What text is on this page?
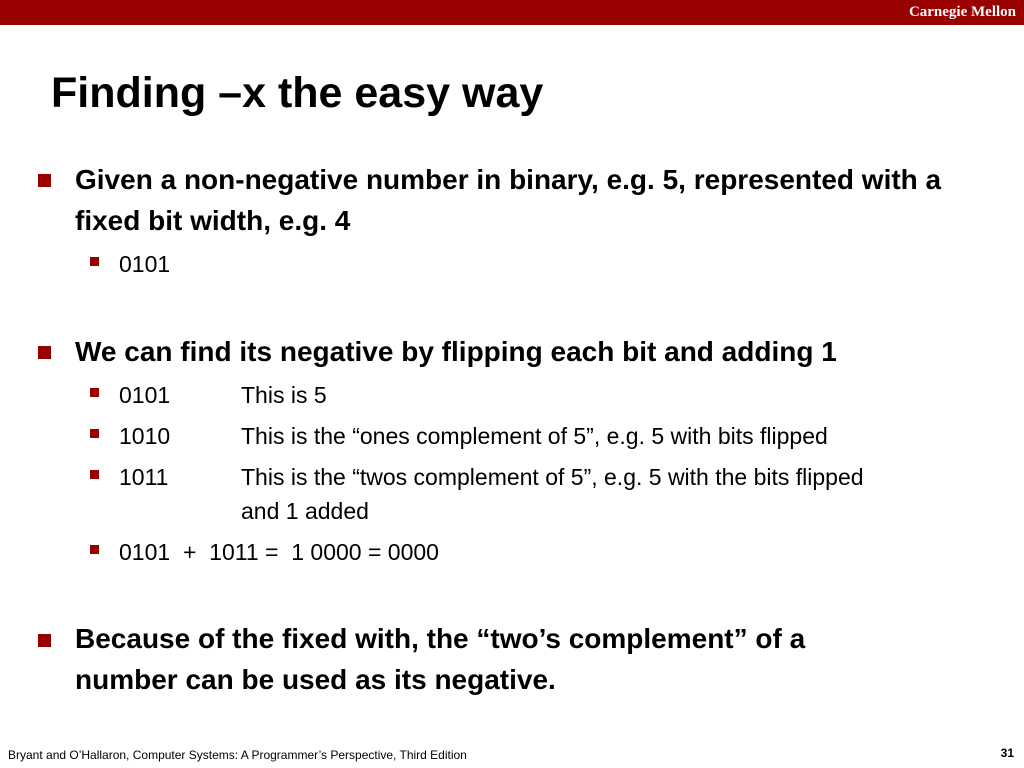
Carnegie Mellon
Finding –x the easy way
Given a non-negative number in binary, e.g. 5, represented with a fixed bit width, e.g. 4
0101
We can find its negative by flipping each bit and adding 1
0101	This is 5
1010	This is the “ones complement of 5”, e.g. 5 with bits flipped
1011	This is the “twos complement of 5”, e.g. 5 with the bits flipped and 1 added
0101  +  1011 =  1 0000 = 0000
Because of the fixed with, the “two’s complement” of a number can be used as its negative.
Bryant and O’Hallaron, Computer Systems: A Programmer’s Perspective, Third Edition	31
